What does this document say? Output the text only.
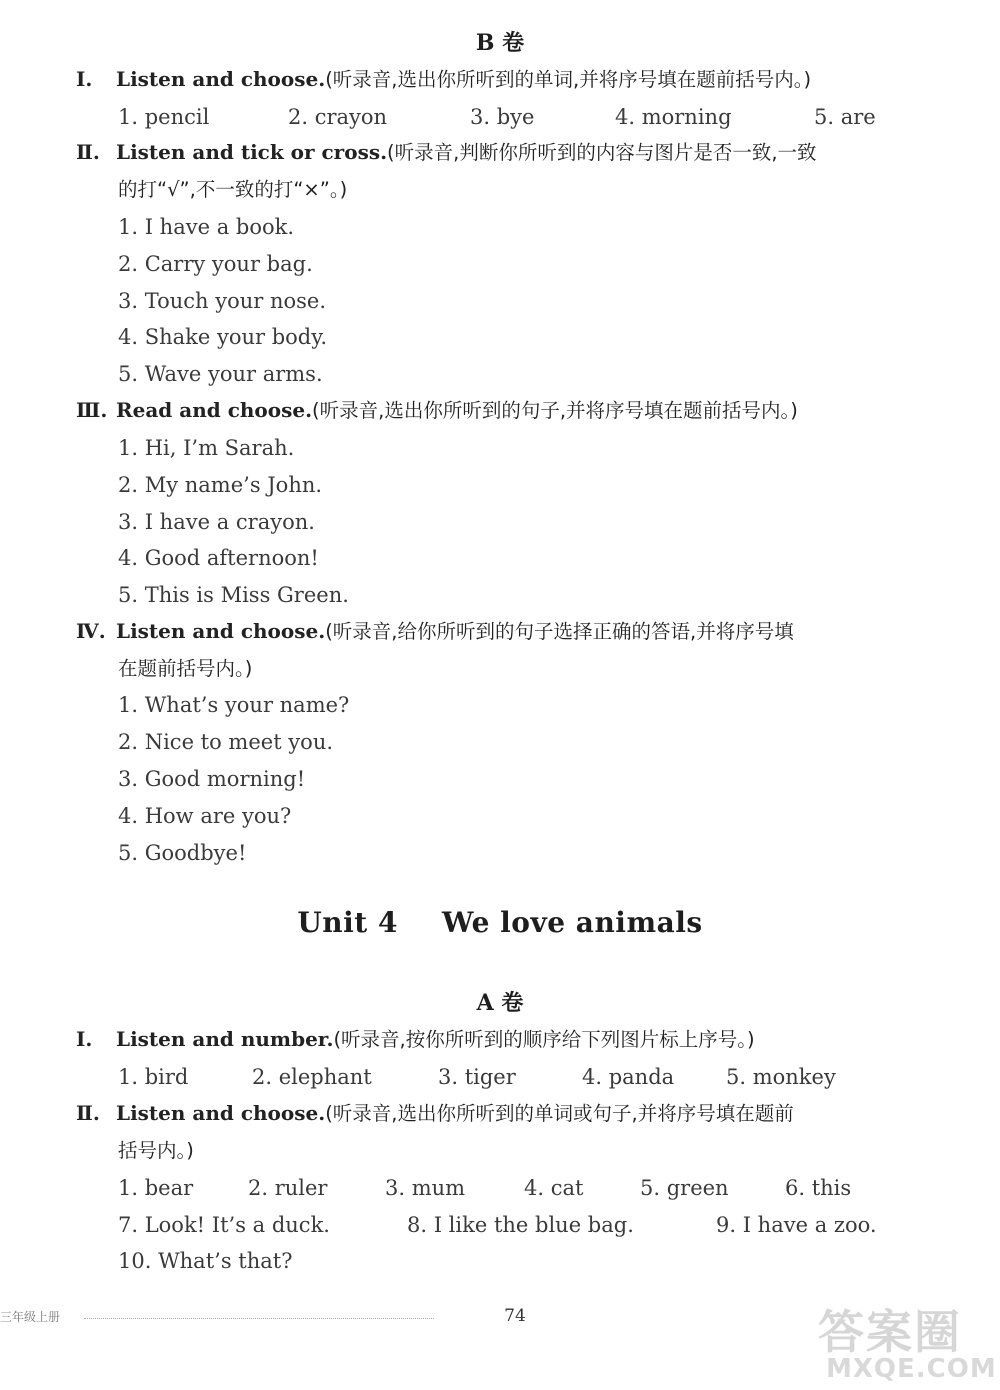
B 卷
Ⅰ. Listen and choose.(听录音,选出你所听到的单词,并将序号填在题前括号内。)
1. pencil	2. crayon	3. bye	4. morning	5. are
Ⅱ. Listen and tick or cross.(听录音,判断你所听到的内容与图片是否一致,一致
的打“√”,不一致的打“×”。)
1. I have a book.
2. Carry your bag.
3. Touch your nose.
4. Shake your body.
5. Wave your arms.
Ⅲ. Read and choose.(听录音,选出你所听到的句子,并将序号填在题前括号内。)
1. Hi, I’m Sarah.
2. My name’s John.
3. I have a crayon.
4. Good afternoon!
5. This is Miss Green.
Ⅳ. Listen and choose.(听录音,给你所听到的句子选择正确的答语,并将序号填
在题前括号内。)
1. What’s your name?
2. Nice to meet you.
3. Good morning!
4. How are you?
5. Goodbye!
Unit 4 We love animals
A 卷
Ⅰ. Listen and number.(听录音,按你所听到的顺序给下列图片标上序号。)
1. bird	2. elephant	3. tiger	4. panda 5. monkey
Ⅱ. Listen and choose.(听录音,选出你所听到的单词或句子,并将序号填在题前
括号内。)
1. bear	2. ruler	3. mum	4. cat	5. green	6. this
7. Look! It’s a duck.	8. I like the blue bag.	9. I have a zoo.
10. What’s that?
三年级上册	74	答案圈
MXQE.COM
